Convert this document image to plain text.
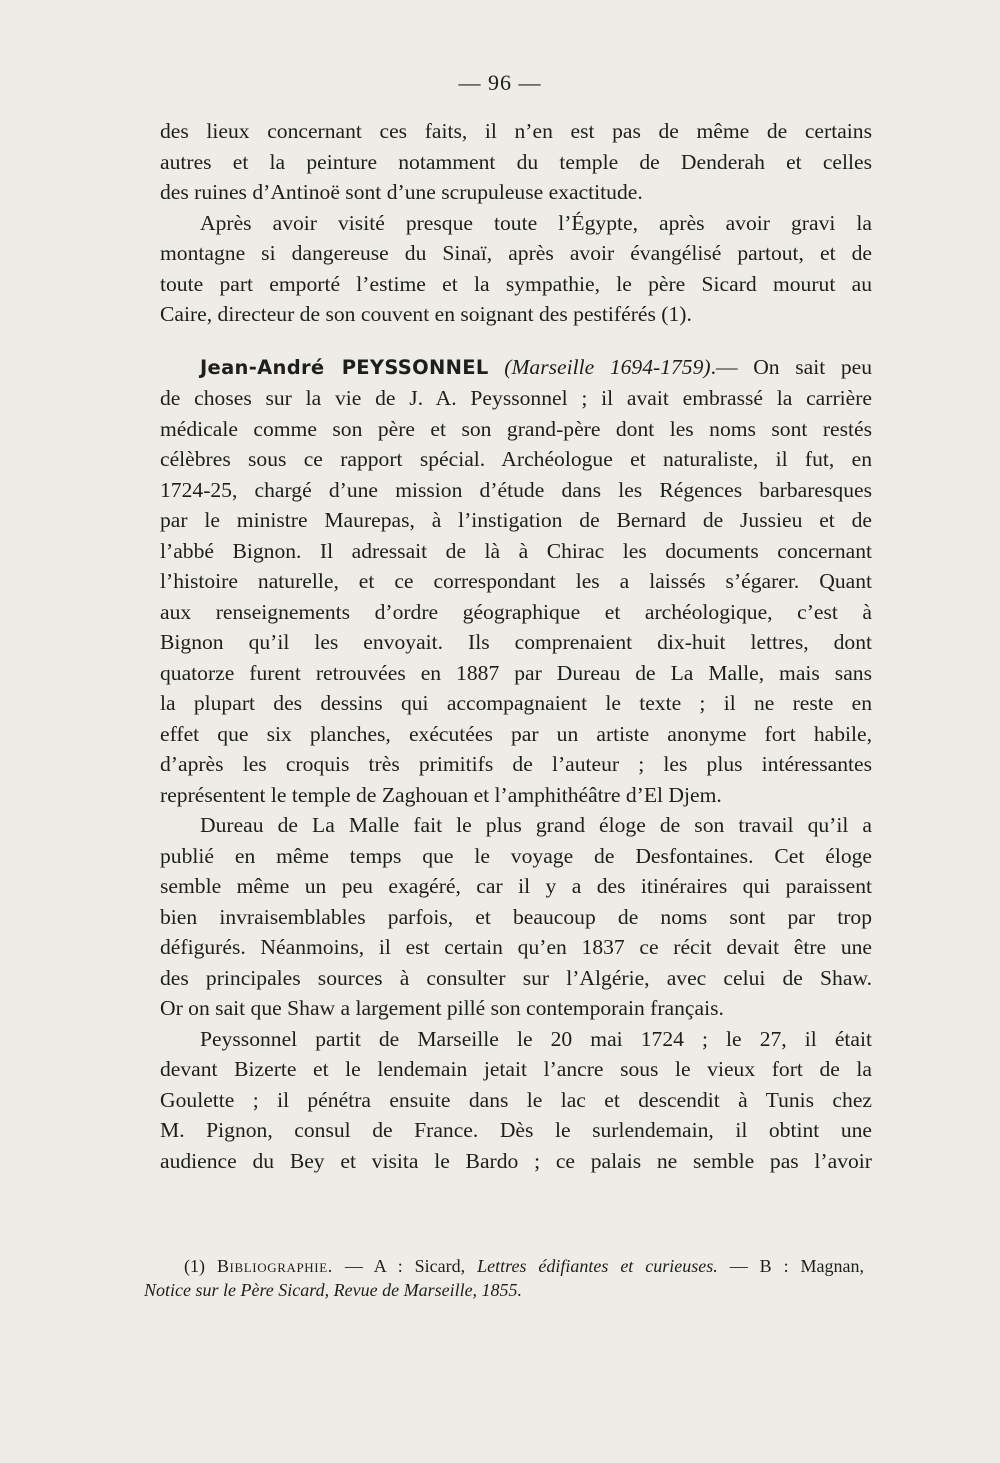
— 96 —

des lieux concernant ces faits, il n’en est pas de même de certains

autres et la peinture notamment du temple de Denderah et celles

des ruines d’Antinoë sont d’une scrupuleuse exactitude.

Après avoir visité presque toute l’Égypte, après avoir gravi la

montagne si dangereuse du Sinaï, après avoir évangélisé partout, et de

toute part emporté l’estime et la sympathie, le père Sicard mourut au

Caire, directeur de son couvent en soignant des pestiférés (1).

Jean-André PEYSSONNEL (Marseille 1694-1759).— On sait peu

de choses sur la vie de J. A. Peyssonnel ; il avait embrassé la carrière

médicale comme son père et son grand-père dont les noms sont restés

célèbres sous ce rapport spécial. Archéologue et naturaliste, il fut, en

1724-25, chargé d’une mission d’étude dans les Régences barbaresques

par le ministre Maurepas, à l’instigation de Bernard de Jussieu et de

l’abbé Bignon. Il adressait de là à Chirac les documents concernant

l’histoire naturelle, et ce correspondant les a laissés s’égarer. Quant

aux renseignements d’ordre géographique et archéologique, c’est à

Bignon qu’il les envoyait. Ils comprenaient dix-huit lettres, dont

quatorze furent retrouvées en 1887 par Dureau de La Malle, mais sans

la plupart des dessins qui accompagnaient le texte ; il ne reste en

effet que six planches, exécutées par un artiste anonyme fort habile,

d’après les croquis très primitifs de l’auteur ; les plus intéressantes

représentent le temple de Zaghouan et l’amphithéâtre d’El Djem.

Dureau de La Malle fait le plus grand éloge de son travail qu’il a

publié en même temps que le voyage de Desfontaines. Cet éloge

semble même un peu exagéré, car il y a des itinéraires qui paraissent

bien invraisemblables parfois, et beaucoup de noms sont par trop

défigurés. Néanmoins, il est certain qu’en 1837 ce récit devait être une

des principales sources à consulter sur l’Algérie, avec celui de Shaw.

Or on sait que Shaw a largement pillé son contemporain français.

Peyssonnel partit de Marseille le 20 mai 1724 ; le 27, il était

devant Bizerte et le lendemain jetait l’ancre sous le vieux fort de la

Goulette ; il pénétra ensuite dans le lac et descendit à Tunis chez

M. Pignon, consul de France. Dès le surlendemain, il obtint une

audience du Bey et visita le Bardo ; ce palais ne semble pas l’avoir

(1) Bibliographie. — A : Sicard, Lettres édifiantes et curieuses. — B : Magnan,

Notice sur le Père Sicard, Revue de Marseille, 1855.
